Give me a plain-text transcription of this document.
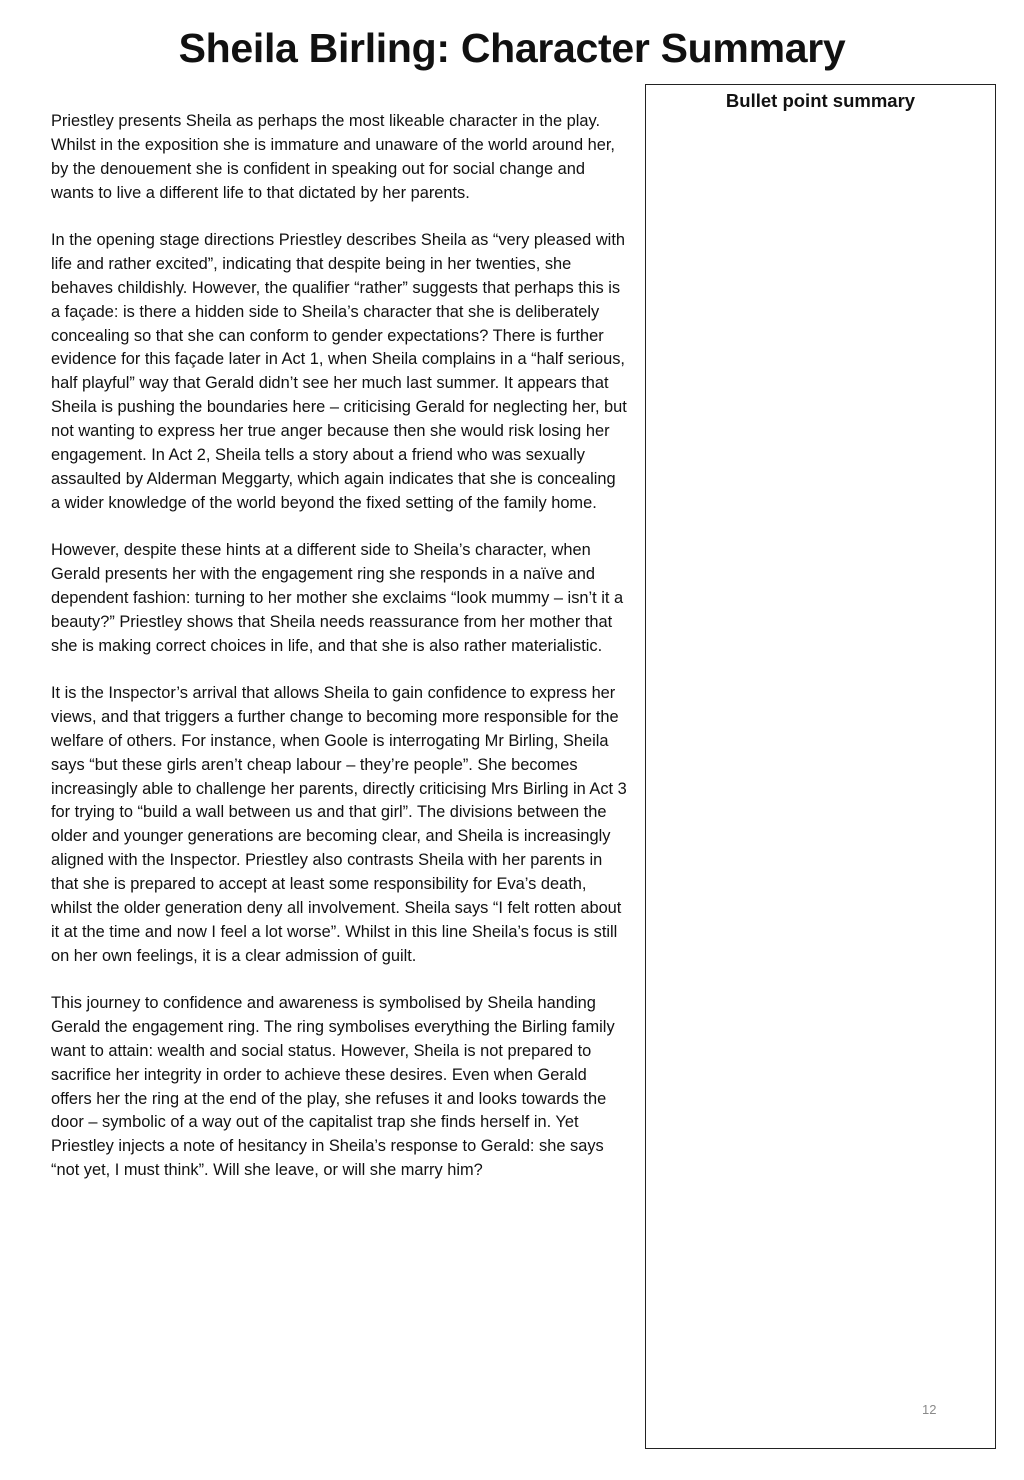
Sheila Birling: Character Summary

Priestley presents Sheila as perhaps the most likeable character in the play. Whilst in the exposition she is immature and unaware of the world around her, by the denouement she is confident in speaking out for social change and wants to live a different life to that dictated by her parents.

In the opening stage directions Priestley describes Sheila as “very pleased with life and rather excited”, indicating that despite being in her twenties, she behaves childishly. However, the qualifier “rather” suggests that perhaps this is a façade: is there a hidden side to Sheila’s character that she is deliberately concealing so that she can conform to gender expectations? There is further evidence for this façade later in Act 1, when Sheila complains in a “half serious, half playful” way that Gerald didn’t see her much last summer. It appears that Sheila is pushing the boundaries here – criticising Gerald for neglecting her, but not wanting to express her true anger because then she would risk losing her engagement. In Act 2, Sheila tells a story about a friend who was sexually assaulted by Alderman Meggarty, which again indicates that she is concealing a wider knowledge of the world beyond the fixed setting of the family home.

However, despite these hints at a different side to Sheila’s character, when Gerald presents her with the engagement ring she responds in a naïve and dependent fashion: turning to her mother she exclaims “look mummy – isn’t it a beauty?” Priestley shows that Sheila needs reassurance from her mother that she is making correct choices in life, and that she is also rather materialistic.

It is the Inspector’s arrival that allows Sheila to gain confidence to express her views, and that triggers a further change to becoming more responsible for the welfare of others. For instance, when Goole is interrogating Mr Birling, Sheila says “but these girls aren’t cheap labour – they’re people”. She becomes increasingly able to challenge her parents, directly criticising Mrs Birling in Act 3 for trying to “build a wall between us and that girl”. The divisions between the older and younger generations are becoming clear, and Sheila is increasingly aligned with the Inspector. Priestley also contrasts Sheila with her parents in that she is prepared to accept at least some responsibility for Eva’s death, whilst the older generation deny all involvement. Sheila says “I felt rotten about it at the time and now I feel a lot worse”. Whilst in this line Sheila’s focus is still on her own feelings, it is a clear admission of guilt.

This journey to confidence and awareness is symbolised by Sheila handing Gerald the engagement ring. The ring symbolises everything the Birling family want to attain: wealth and social status. However, Sheila is not prepared to sacrifice her integrity in order to achieve these desires. Even when Gerald offers her the ring at the end of the play, she refuses it and looks towards the door – symbolic of a way out of the capitalist trap she finds herself in. Yet Priestley injects a note of hesitancy in Sheila’s response to Gerald: she says “not yet, I must think”. Will she leave, or will she marry him?

Bullet point summary
12
